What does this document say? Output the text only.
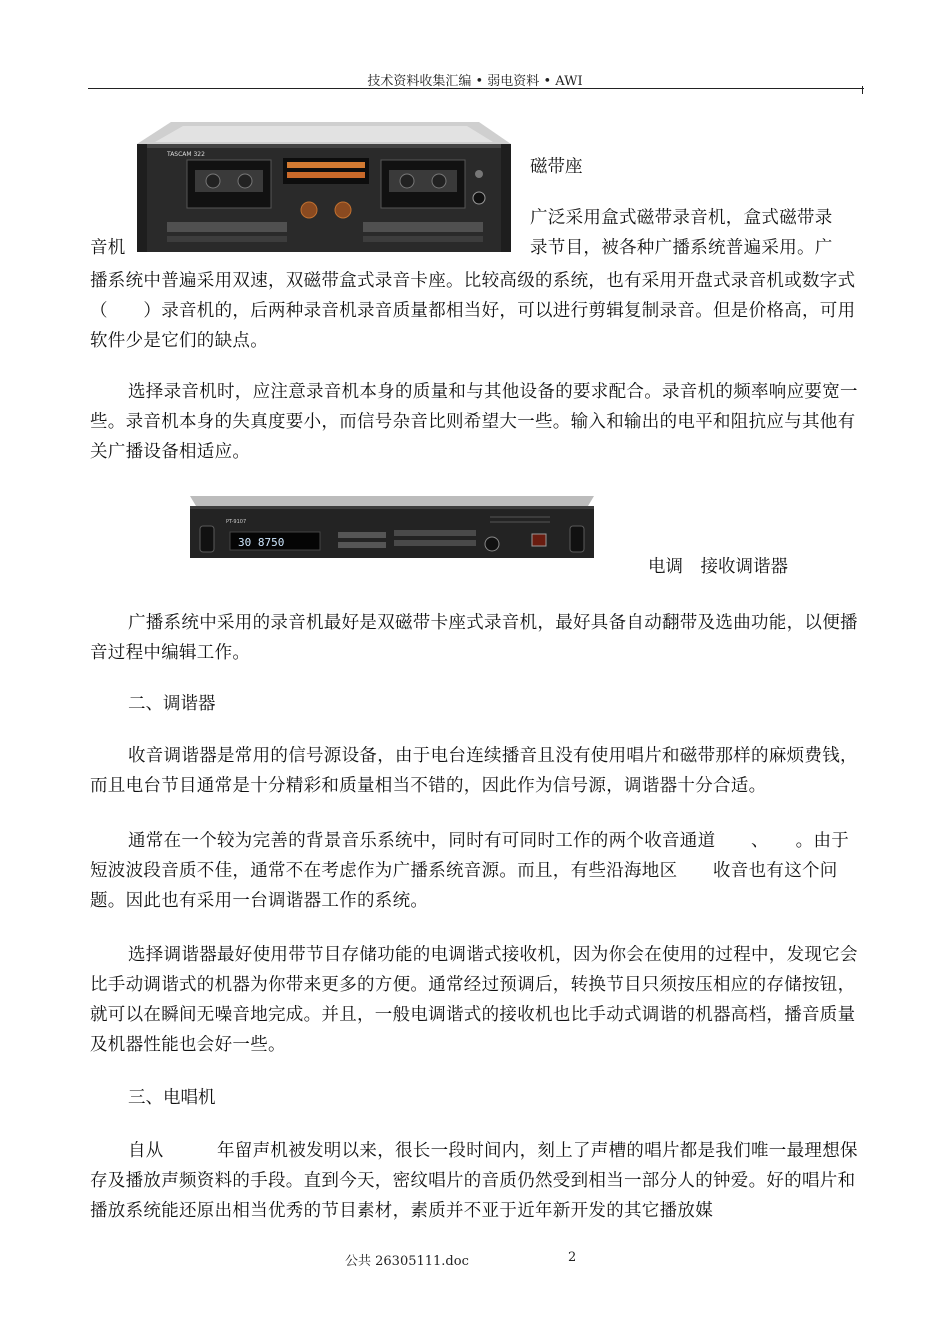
技术资料收集汇编 • 弱电资料 • AWI
TASCAM 322
磁带座
广泛采用盒式磁带录音机，盒式磁带录
音机	录节目，被各种广播系统普遍采用。广
播系统中普遍采用双速，双磁带盒式录音卡座。比较高级的系统，也有采用开盘式录音机或数字式（　　）录音机的，后两种录音机录音质量都相当好，可以进行剪辑复制录音。但是价格高，可用软件少是它们的缺点。
选择录音机时，应注意录音机本身的质量和与其他设备的要求配合。录音机的频率响应要宽一些。录音机本身的失真度要小，而信号杂音比则希望大一些。输入和输出的电平和阻抗应与其他有关广播设备相适应。
30 8750
PT-9107
电调　接收调谐器
广播系统中采用的录音机最好是双磁带卡座式录音机，最好具备自动翻带及选曲功能，以便播音过程中编辑工作。
二、调谐器
收音调谐器是常用的信号源设备，由于电台连续播音且没有使用唱片和磁带那样的麻烦费钱，而且电台节目通常是十分精彩和质量相当不错的，因此作为信号源，调谐器十分合适。
通常在一个较为完善的背景音乐系统中，同时有可同时工作的两个收音通道　　、　　。由于短波波段音质不佳，通常不在考虑作为广播系统音源。而且，有些沿海地区　　收音也有这个问题。因此也有采用一台调谐器工作的系统。
选择调谐器最好使用带节目存储功能的电调谐式接收机，因为你会在使用的过程中，发现它会比手动调谐式的机器为你带来更多的方便。通常经过预调后，转换节目只须按压相应的存储按钮，就可以在瞬间无噪音地完成。并且，一般电调谐式的接收机也比手动式调谐的机器高档，播音质量及机器性能也会好一些。
三、电唱机
自从　　　年留声机被发明以来，很长一段时间内，刻上了声槽的唱片都是我们唯一最理想保存及播放声频资料的手段。直到今天，密纹唱片的音质仍然受到相当一部分人的钟爱。好的唱片和播放系统能还原出相当优秀的节目素材，素质并不亚于近年新开发的其它播放媒
公共 26305111.doc	2
